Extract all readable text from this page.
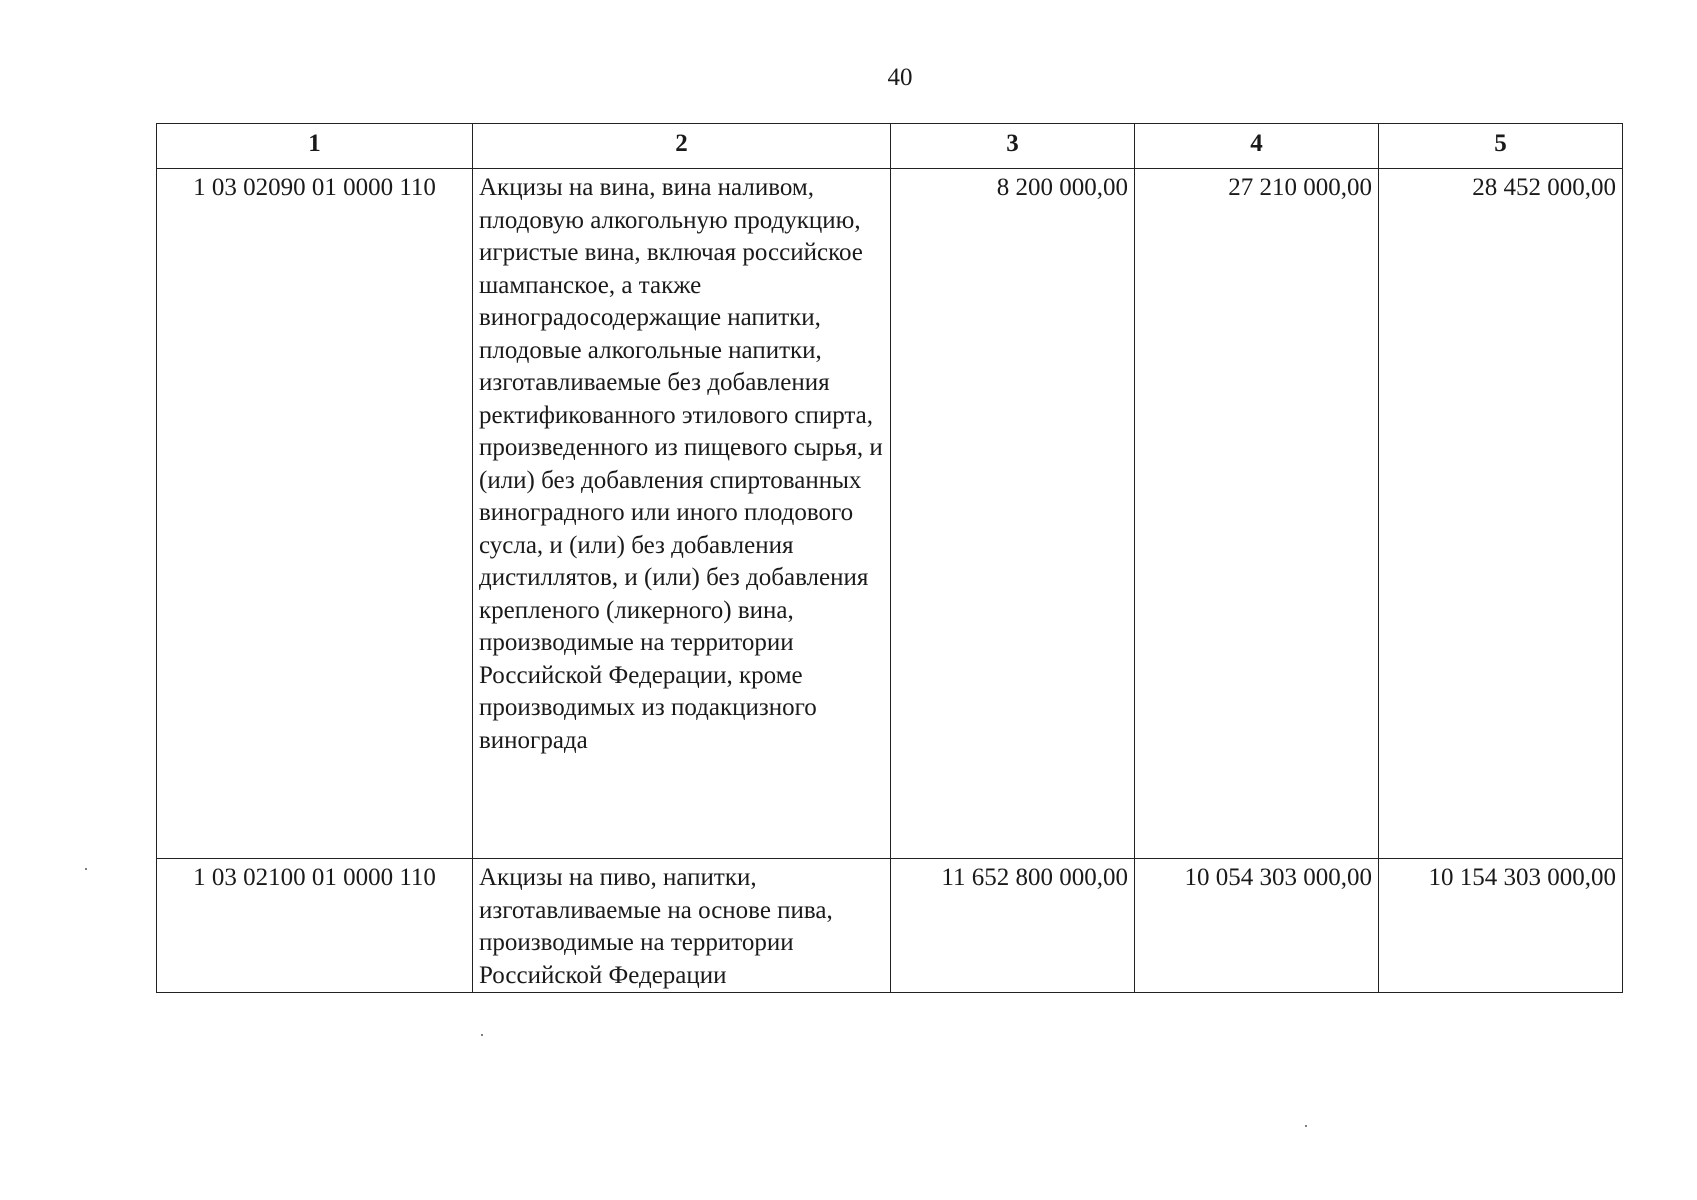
40
1	2	3	4	5
1 03 02090 01 0000 110	Акцизы на вина, вина наливом, плодовую алкогольную продукцию, игристые вина, включая российское шампанское, а также виноградосодержащие напитки, плодовые алкогольные напитки, изготавливаемые без добавления ректификованного этилового спирта, произведенного из пищевого сырья, и (или) без добавления спиртованных виноградного или иного плодового сусла, и (или) без добавления дистиллятов, и (или) без добавления крепленого (ликерного) вина, производимые на территории Российской Федерации, кроме производимых из подакцизного винограда	8 200 000,00	27 210 000,00	28 452 000,00
1 03 02100 01 0000 110	Акцизы на пиво, напитки, изготавливаемые на основе пива, производимые на территории Российской Федерации	11 652 800 000,00	10 054 303 000,00	10 154 303 000,00
